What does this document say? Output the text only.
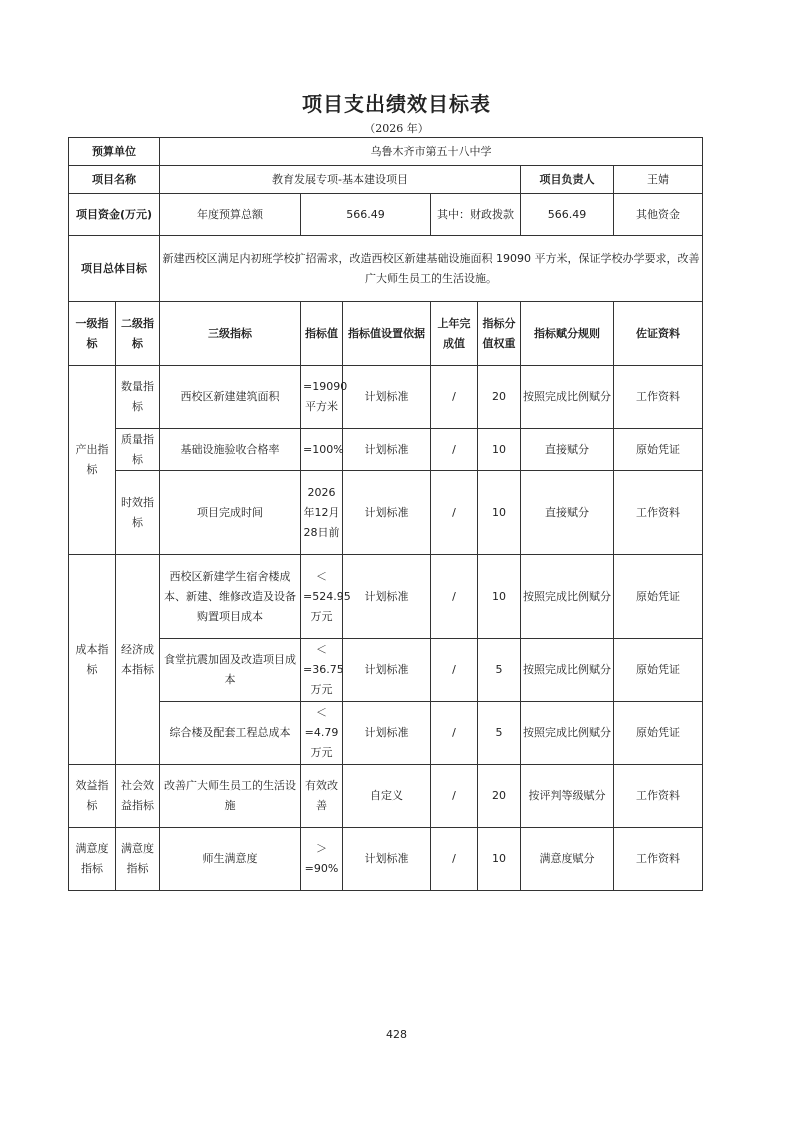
项目支出绩效目标表
（2026 年）
预算单位		乌鲁木齐市第五十八中学						
项目名称		教育发展专项-基本建设项目					项目负责人	王婧
项目资金(万元)		年度预算总额	566.49		其中：财政拨款		566.49	其他资金
项目总体目标		新建西校区满足内初班学校扩招需求，改造西校区新建基础设施面积 19090 平方米，保证学校办学要求，改善广大师生员工的生活设施。						
一级指标	二级指标	三级指标	指标值	指标值设置依据	上年完成值	指标分值权重	指标赋分规则	佐证资料
产出指标	数量指标	西校区新建建筑面积	=19090平方米	计划标准	/	20	按照完成比例赋分	工作资料
	质量指标	基础设施验收合格率	=100%	计划标准	/	10	直接赋分	原始凭证
	时效指标	项目完成时间	2026年12月28日前	计划标准	/	10	直接赋分	工作资料
成本指标	经济成本指标	西校区新建学生宿舍楼成本、新建、维修改造及设备购置项目成本	＜=524.95万元	计划标准	/	10	按照完成比例赋分	原始凭证
		食堂抗震加固及改造项目成本	＜=36.75万元	计划标准	/	5	按照完成比例赋分	原始凭证
		综合楼及配套工程总成本	＜=4.79万元	计划标准	/	5	按照完成比例赋分	原始凭证
效益指标	社会效益指标	改善广大师生员工的生活设施	有效改善	自定义	/	20	按评判等级赋分	工作资料
满意度指标	满意度指标	师生满意度	＞=90%	计划标准	/	10	满意度赋分	工作资料
428
